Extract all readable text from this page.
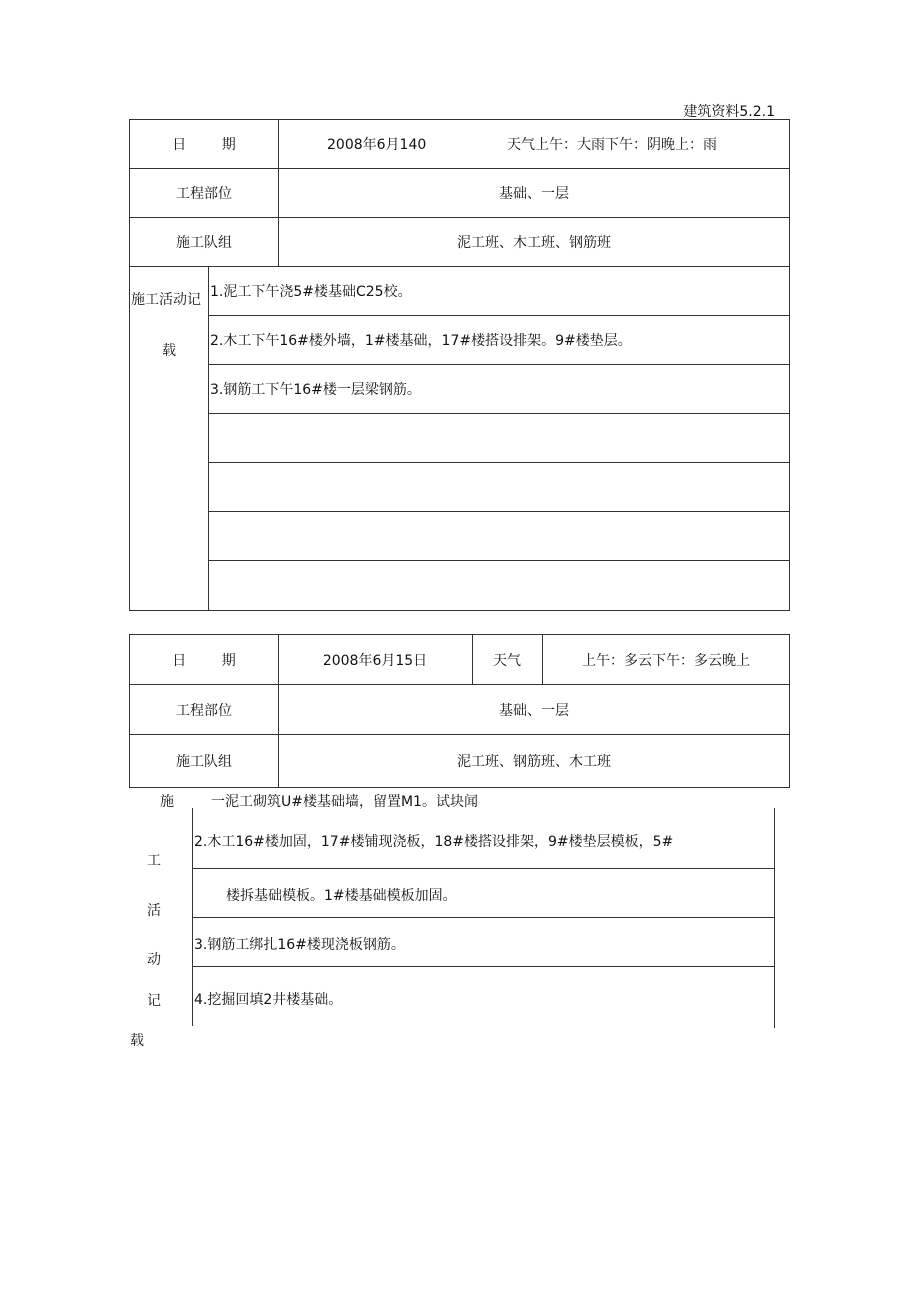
建筑资料5.2.1
日        期	2008年6月140	天气上午：大雨下午：阴晚上：雨
工程部位	基础、一层
施工队组	泥工班、木工班、钢筋班
施工活动记
载
1.泥工下午浇5#楼基础C25校。
2.木工下午16#楼外墙，1#楼基础，17#楼搭设排架。9#楼垫层。
3.钢筋工下午16#楼一层梁钢筋。
日        期	2008年6月15日	天气	上午：多云下午：多云晚上
工程部位	基础、一层
施工队组	泥工班、钢筋班、木工班
施
工
活
动
记
载
一泥工砌筑U#楼基础墙，留置M1。试块闻
2.木工16#楼加固，17#楼铺现浇板，18#楼搭设排架，9#楼垫层模板，5#
楼拆基础模板。1#楼基础模板加固。
3.钢筋工绑扎16#楼现浇板钢筋。
4.挖掘回填2井楼基础。
